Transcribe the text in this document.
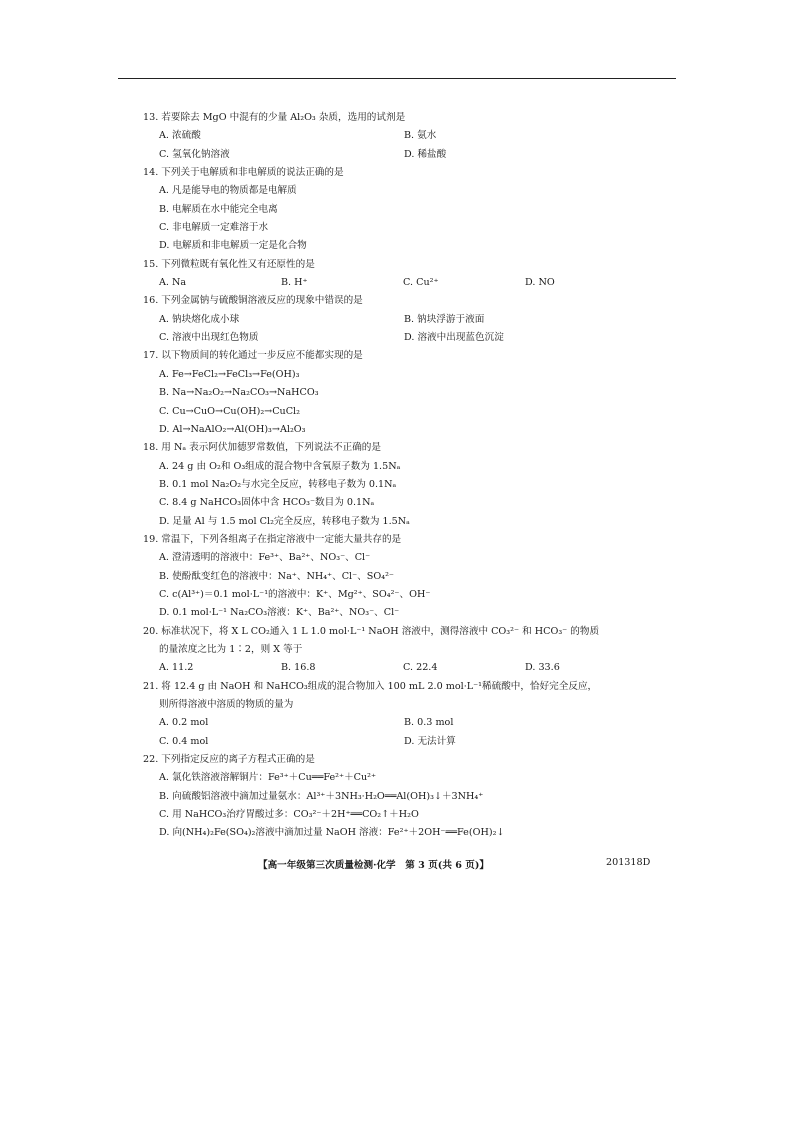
13. 若要除去 MgO 中混有的少量 Al₂O₃ 杂质，选用的试剂是
A. 浓硫酸	B. 氨水
C. 氢氧化钠溶液	D. 稀盐酸
14. 下列关于电解质和非电解质的说法正确的是
A. 凡是能导电的物质都是电解质
B. 电解质在水中能完全电离
C. 非电解质一定难溶于水
D. 电解质和非电解质一定是化合物
15. 下列微粒既有氧化性又有还原性的是
A. Na	B. H⁺	C. Cu²⁺	D. NO
16. 下列金属钠与硫酸铜溶液反应的现象中错误的是
A. 钠块熔化成小球	B. 钠块浮游于液面
C. 溶液中出现红色物质	D. 溶液中出现蓝色沉淀
17. 以下物质间的转化通过一步反应不能都实现的是
A. Fe→FeCl₂→FeCl₃→Fe(OH)₃
B. Na→Na₂O₂→Na₂CO₃→NaHCO₃
C. Cu→CuO→Cu(OH)₂→CuCl₂
D. Al→NaAlO₂→Al(OH)₃→Al₂O₃
18. 用 Nₐ 表示阿伏加德罗常数值，下列说法不正确的是
A. 24 g 由 O₂和 O₃组成的混合物中含氧原子数为 1.5Nₐ
B. 0.1 mol Na₂O₂与水完全反应，转移电子数为 0.1Nₐ
C. 8.4 g NaHCO₃固体中含 HCO₃⁻数目为 0.1Nₐ
D. 足量 Al 与 1.5 mol Cl₂完全反应，转移电子数为 1.5Nₐ
19. 常温下，下列各组离子在指定溶液中一定能大量共存的是
A. 澄清透明的溶液中：Fe³⁺、Ba²⁺、NO₃⁻、Cl⁻
B. 使酚酞变红色的溶液中：Na⁺、NH₄⁺、Cl⁻、SO₄²⁻
C. c(Al³⁺)＝0.1 mol·L⁻¹的溶液中：K⁺、Mg²⁺、SO₄²⁻、OH⁻
D. 0.1 mol·L⁻¹ Na₂CO₃溶液：K⁺、Ba²⁺、NO₃⁻、Cl⁻
20. 标准状况下，将 X L CO₂通入 1 L 1.0 mol·L⁻¹ NaOH 溶液中，测得溶液中 CO₃²⁻ 和 HCO₃⁻ 的物质
的量浓度之比为 1∶2，则 X 等于
A. 11.2	B. 16.8	C. 22.4	D. 33.6
21. 将 12.4 g 由 NaOH 和 NaHCO₃组成的混合物加入 100 mL 2.0 mol·L⁻¹稀硫酸中，恰好完全反应，
则所得溶液中溶质的物质的量为
A. 0.2 mol	B. 0.3 mol
C. 0.4 mol	D. 无法计算
22. 下列指定反应的离子方程式正确的是
A. 氯化铁溶液溶解铜片：Fe³⁺＋Cu══Fe²⁺＋Cu²⁺
B. 向硫酸铝溶液中滴加过量氨水：Al³⁺＋3NH₃·H₂O══Al(OH)₃↓＋3NH₄⁺
C. 用 NaHCO₃治疗胃酸过多：CO₃²⁻＋2H⁺══CO₂↑＋H₂O
D. 向(NH₄)₂Fe(SO₄)₂溶液中滴加过量 NaOH 溶液：Fe²⁺＋2OH⁻══Fe(OH)₂↓
【高一年级第三次质量检测·化学　第 3 页(共 6 页)】	201318D
